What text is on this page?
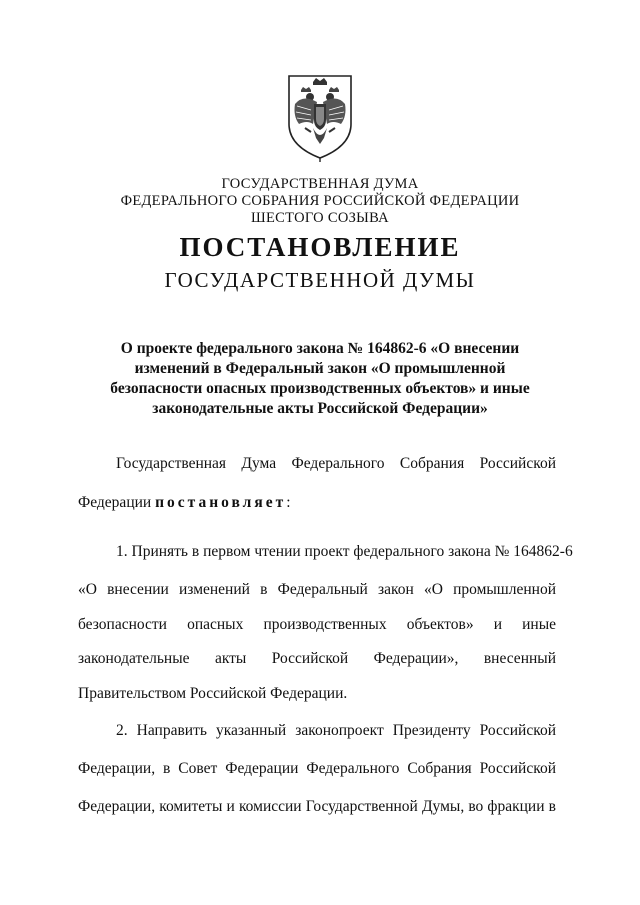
ГОСУДАРСТВЕННАЯ ДУМА
ФЕДЕРАЛЬНОГО СОБРАНИЯ РОССИЙСКОЙ ФЕДЕРАЦИИ
ШЕСТОГО СОЗЫВА
ПОСТАНОВЛЕНИЕ
ГОСУДАРСТВЕННОЙ ДУМЫ
О проекте федерального закона № 164862-6 «О внесении
изменений в Федеральный закон «О промышленной
безопасности опасных производственных объектов» и иные
законодательные акты Российской Федерации»
Государственная Дума Федерального Собрания Российской
Федерации постановляет:
1. Принять в первом чтении проект федерального закона № 164862-6
«О внесении изменений в Федеральный закон «О промышленной
безопасности опасных производственных объектов» и иные
законодательные акты Российской Федерации», внесенный
Правительством Российской Федерации.
2. Направить указанный законопроект Президенту Российской
Федерации, в Совет Федерации Федерального Собрания Российской
Федерации, комитеты и комиссии Государственной Думы, во фракции в
